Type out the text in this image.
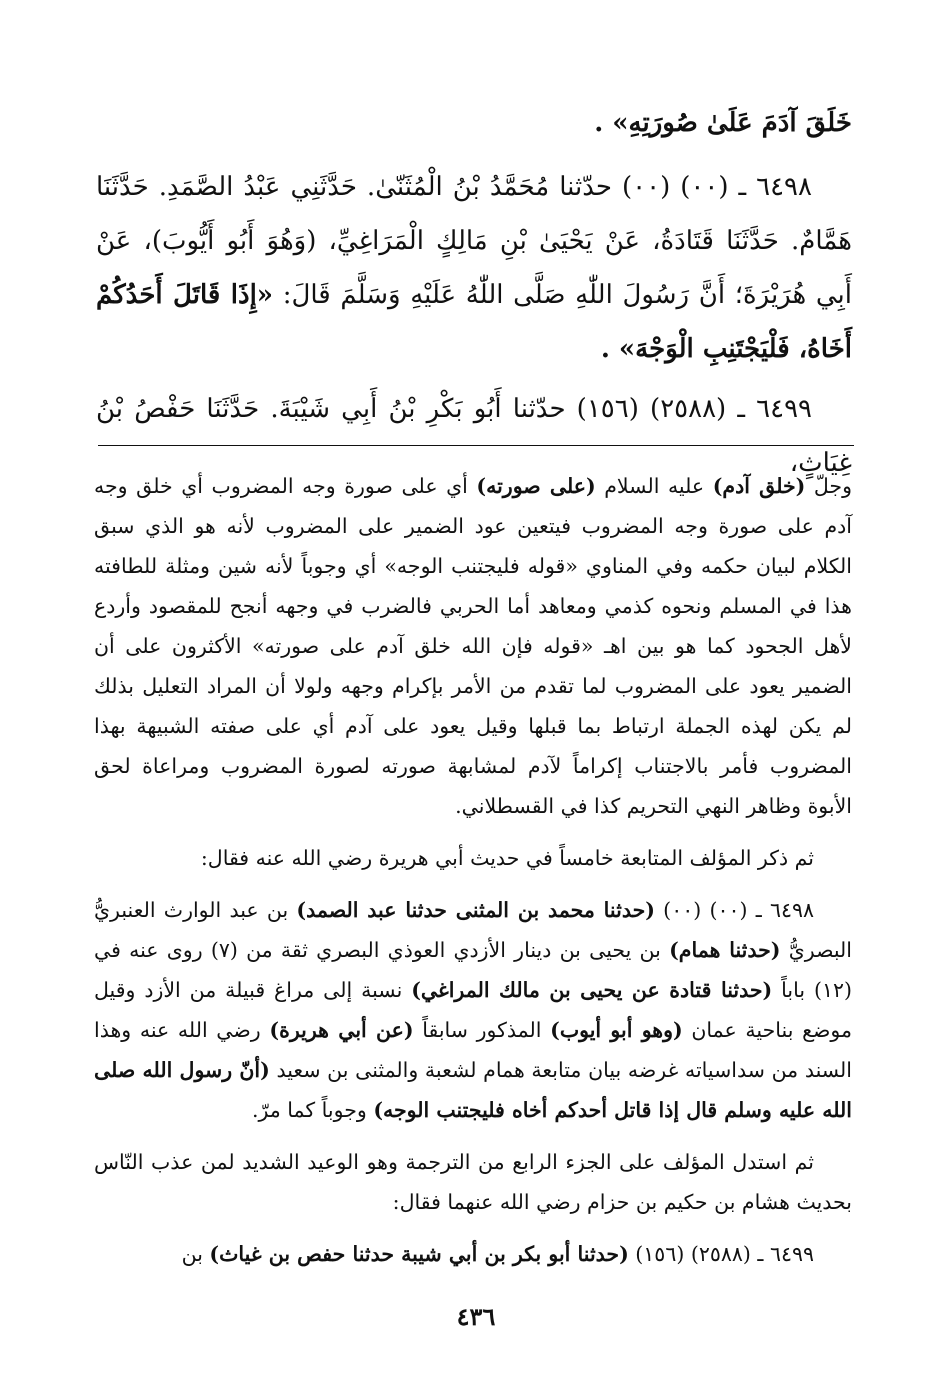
خَلَقَ آدَمَ عَلَىٰ صُورَتِهِ» .

٦٤٩٨ ـ (٠٠) (٠٠) حدّثنا مُحَمَّدُ بْنُ الْمُثَنّىٰ. حَدَّثَنِي عَبْدُ الصَّمَدِ. حَدَّثَنَا هَمَّامٌ. حَدَّثَنَا قَتَادَةُ، عَنْ يَحْيَىٰ بْنِ مَالِكٍ الْمَرَاغِيِّ، (وَهُوَ أَبُو أَيُّوبَ)، عَنْ أَبِي هُرَيْرَةَ؛ أَنَّ رَسُولَ اللّٰهِ صَلَّى اللّٰهُ عَلَيْهِ وَسَلَّمَ قَالَ: «إِذَا قَاتَلَ أَحَدُكُمْ أَخَاهُ، فَلْيَجْتَنِبِ الْوَجْهَ» .

٦٤٩٩ ـ (٢٥٨٨) (١٥٦) حدّثنا أَبُو بَكْرِ بْنُ أَبِي شَيْبَةَ. حَدَّثَنَا حَفْصُ بْنُ غِيَاثٍ،

وجلّ (خلق آدم) عليه السلام (على صورته) أي على صورة وجه المضروب أي خلق وجه آدم على صورة وجه المضروب فيتعين عود الضمير على المضروب لأنه هو الذي سبق الكلام لبيان حكمه وفي المناوي «قوله فليجتنب الوجه» أي وجوباً لأنه شين ومثلة للطافته هذا في المسلم ونحوه كذمي ومعاهد أما الحربي فالضرب في وجهه أنجح للمقصود وأردع لأهل الجحود كما هو بين اهـ «قوله فإن الله خلق آدم على صورته» الأكثرون على أن الضمير يعود على المضروب لما تقدم من الأمر بإكرام وجهه ولولا أن المراد التعليل بذلك لم يكن لهذه الجملة ارتباط بما قبلها وقيل يعود على آدم أي على صفته الشبيهة بهذا المضروب فأمر بالاجتناب إكراماً لآدم لمشابهة صورته لصورة المضروب ومراعاة لحق الأبوة وظاهر النهي التحريم كذا في القسطلاني.

ثم ذكر المؤلف المتابعة خامساً في حديث أبي هريرة رضي الله عنه فقال:

٦٤٩٨ ـ (٠٠) (٠٠) (حدثنا محمد بن المثنى حدثنا عبد الصمد) بن عبد الوارث العنبريُّ البصريُّ (حدثنا همام) بن يحيى بن دينار الأزدي العوذي البصري ثقة من (٧) روى عنه في (١٢) باباً (حدثنا قتادة عن يحيى بن مالك المراغي) نسبة إلى مراغ قبيلة من الأزد وقيل موضع بناحية عمان (وهو أبو أيوب) المذكور سابقاً (عن أبي هريرة) رضي الله عنه وهذا السند من سداسياته غرضه بيان متابعة همام لشعبة والمثنى بن سعيد (أنّ رسول الله صلى الله عليه وسلم قال إذا قاتل أحدكم أخاه فليجتنب الوجه) وجوباً كما مرّ.

ثم استدل المؤلف على الجزء الرابع من الترجمة وهو الوعيد الشديد لمن عذب النّاس بحديث هشام بن حكيم بن حزام رضي الله عنهما فقال:

٦٤٩٩ ـ (٢٥٨٨) (١٥٦) (حدثنا أبو بكر بن أبي شيبة حدثنا حفص بن غياث) بن

٤٣٦
